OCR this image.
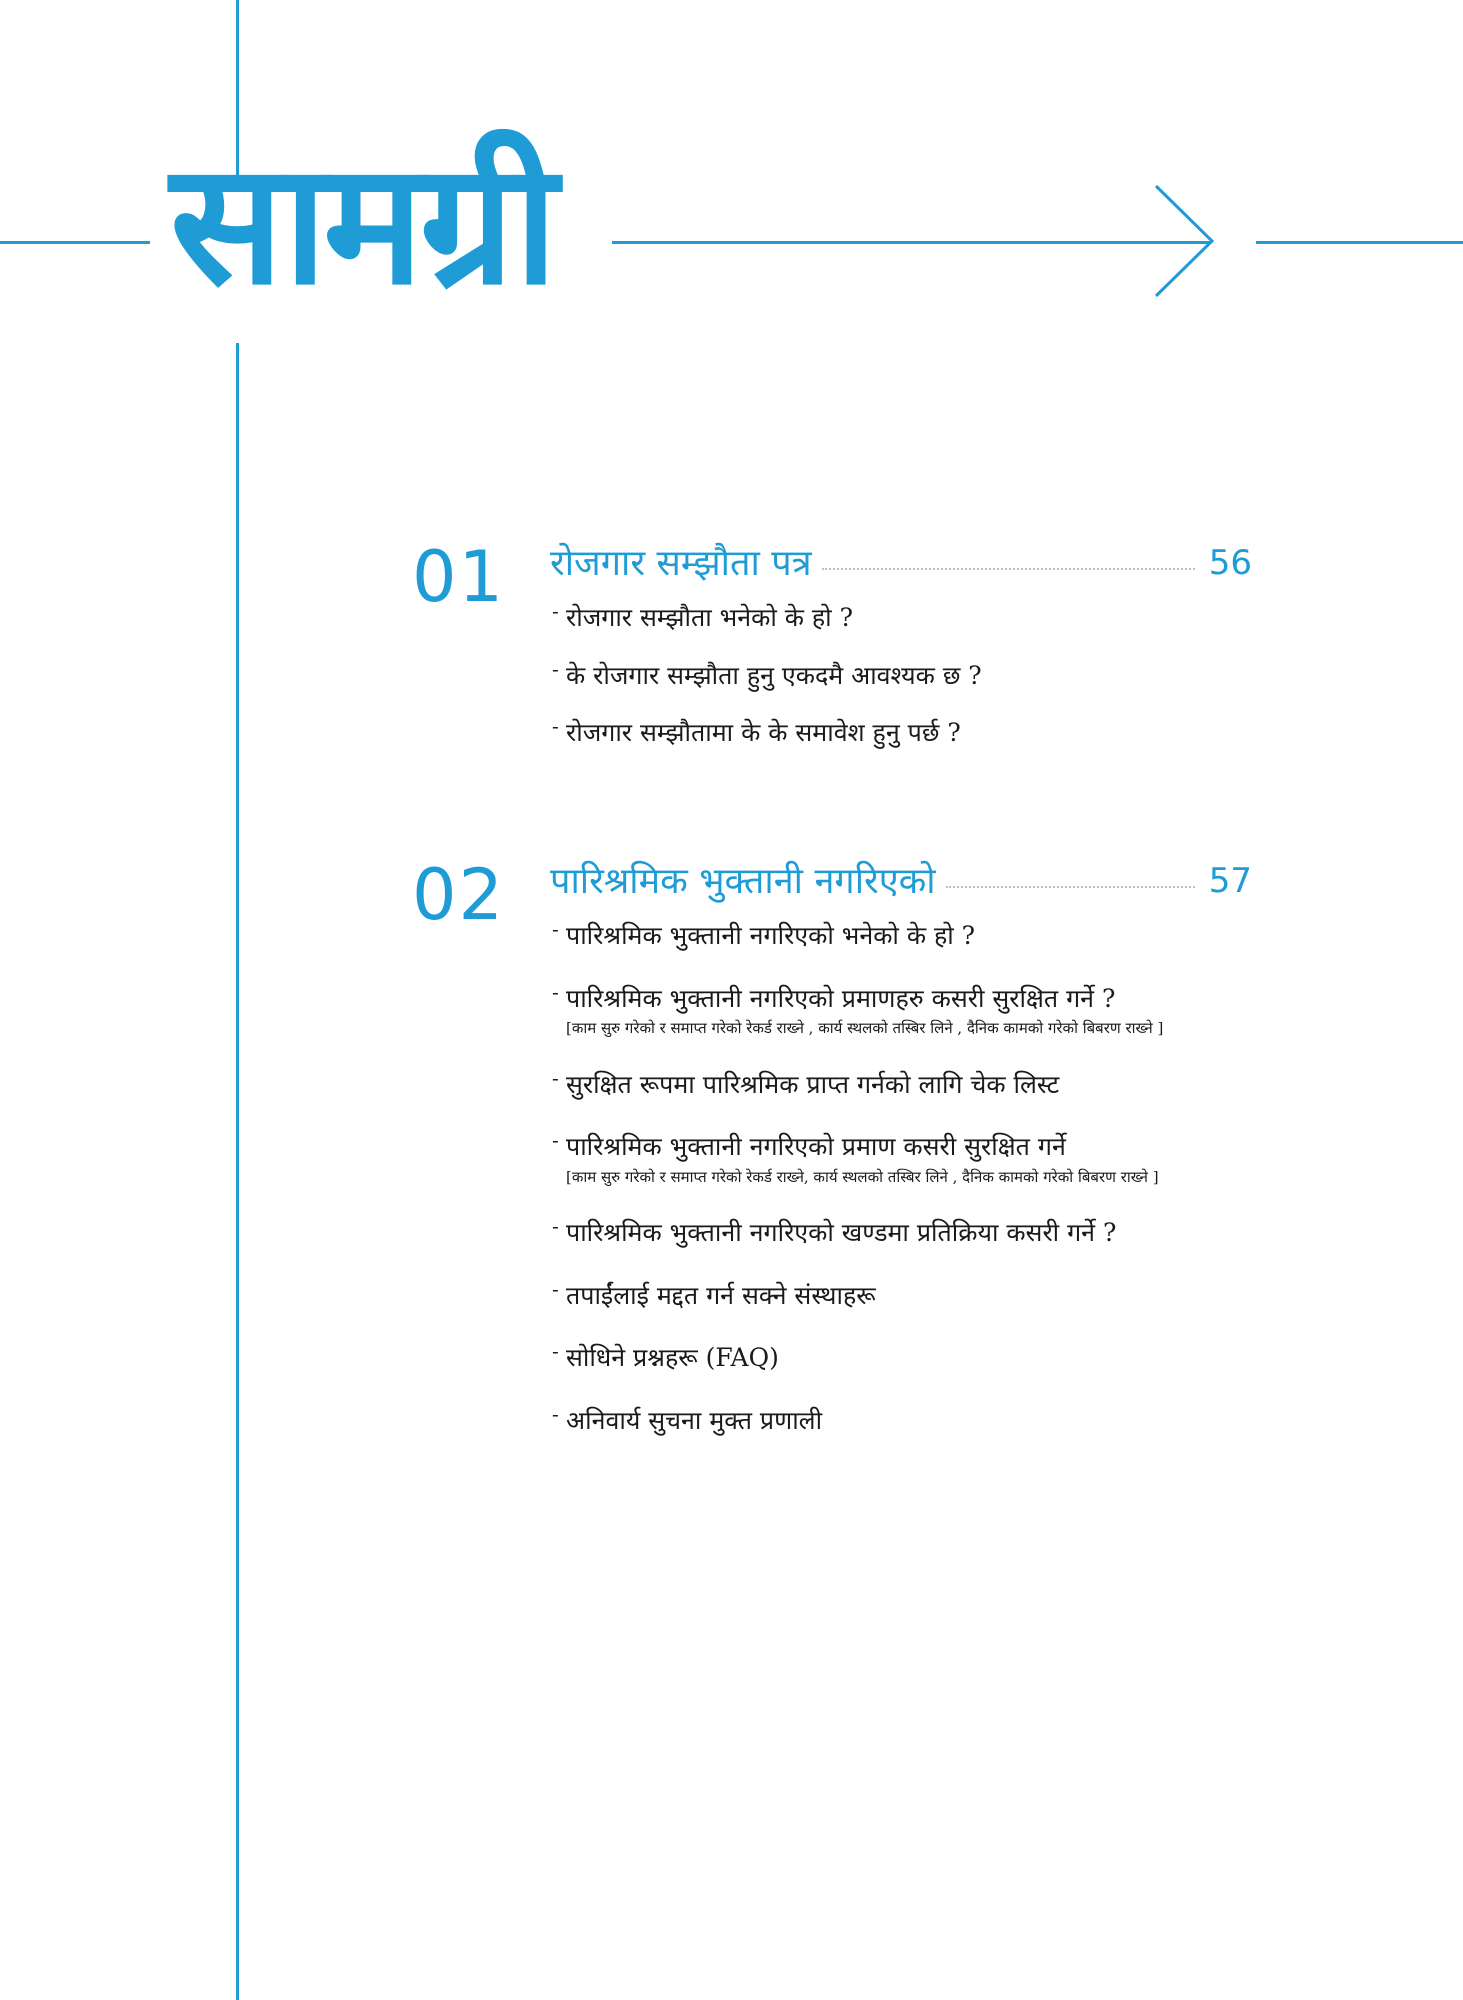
सामग्री
01 रोजगार सम्झौता पत्र	56
- रोजगार सम्झौता भनेको के हो ?
- के रोजगार सम्झौता हुनु एकदमै आवश्यक छ ?
- रोजगार सम्झौतामा के के समावेश हुनु पर्छ ?
02 पारिश्रमिक भुक्तानी नगरिएको	57
- पारिश्रमिक भुक्तानी नगरिएको भनेको के हो ?
- पारिश्रमिक भुक्तानी नगरिएको प्रमाणहरु कसरी सुरक्षित गर्ने ?
[काम सुरु गरेको र समाप्त गरेको रेकर्ड राख्ने , कार्य स्थलको तस्बिर लिने , दैनिक कामको गरेको बिबरण राख्ने ]
- सुरक्षित रूपमा पारिश्रमिक प्राप्त गर्नको लागि चेक लिस्ट
- पारिश्रमिक भुक्तानी नगरिएको प्रमाण कसरी सुरक्षित गर्ने
[काम सुरु गरेको र समाप्त गरेको रेकर्ड राख्ने, कार्य स्थलको तस्बिर लिने , दैनिक कामको गरेको बिबरण राख्ने ]
- पारिश्रमिक भुक्तानी नगरिएको खण्डमा प्रतिक्रिया कसरी गर्ने ?
- तपाईंलाई मद्दत गर्न सक्ने संस्थाहरू
- सोधिने प्रश्नहरू (FAQ)
- अनिवार्य सुचना मुक्त प्रणाली
